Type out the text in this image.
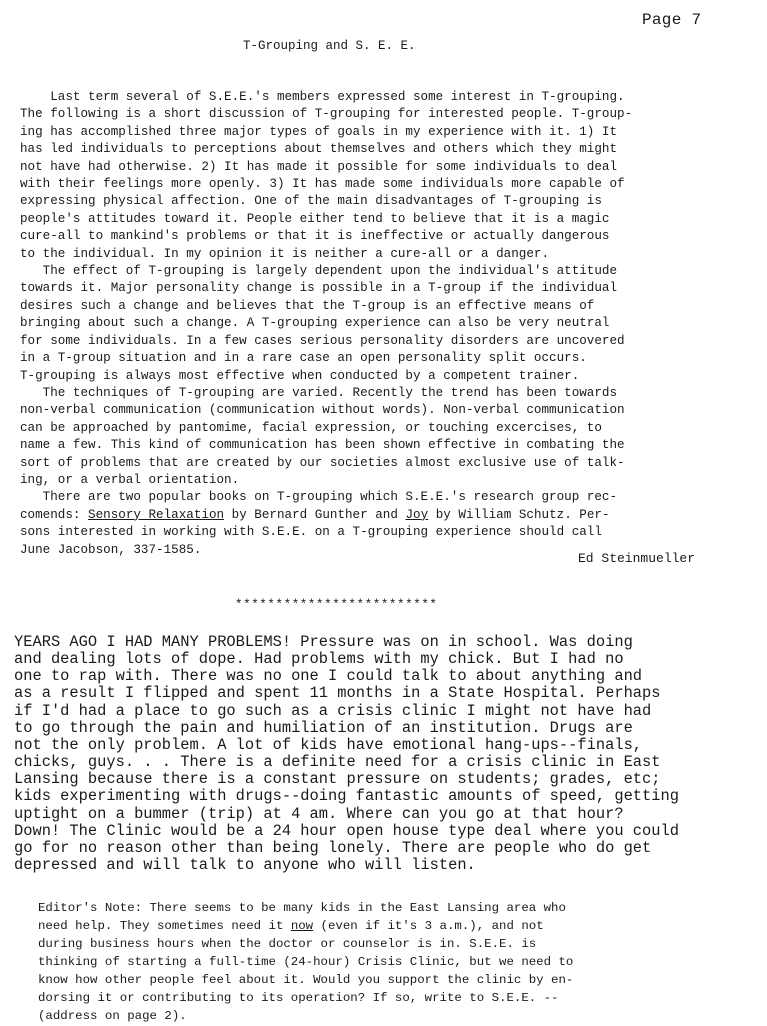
Page 7
T-Grouping and S. E. E.

Last term several of S.E.E.'s members expressed some interest in T-grouping.

The following is a short discussion of T-grouping for interested people. T-group-

ing has accomplished three major types of goals in my experience with it. 1) It

has led individuals to perceptions about themselves and others which they might

not have had otherwise. 2) It has made it possible for some individuals to deal

with their feelings more openly. 3) It has made some individuals more capable of

expressing physical affection. One of the main disadvantages of T-grouping is

people's attitudes toward it. People either tend to believe that it is a magic

cure-all to mankind's problems or that it is ineffective or actually dangerous

to the individual. In my opinion it is neither a cure-all or a danger.

The effect of T-grouping is largely dependent upon the individual's attitude

towards it. Major personality change is possible in a T-group if the individual

desires such a change and believes that the T-group is an effective means of

bringing about such a change. A T-grouping experience can also be very neutral

for some individuals. In a few cases serious personality disorders are uncovered

in a T-group situation and in a rare case an open personality split occurs.

T-grouping is always most effective when conducted by a competent trainer.

The techniques of T-grouping are varied. Recently the trend has been towards

non-verbal communication (communication without words). Non-verbal communication

can be approached by pantomime, facial expression, or touching excercises, to

name a few. This kind of communication has been shown effective in combating the

sort of problems that are created by our societies almost exclusive use of talk-

ing, or a verbal orientation.

There are two popular books on T-grouping which S.E.E.'s research group rec-

comends: Sensory Relaxation by Bernard Gunther and Joy by William Schutz. Per-

sons interested in working with S.E.E. on a T-grouping experience should call

June Jacobson, 337-1585.

Ed Steinmueller
*************************

YEARS AGO I HAD MANY PROBLEMS! Pressure was on in school. Was doing

and dealing lots of dope. Had problems with my chick. But I had no

one to rap with. There was no one I could talk to about anything and

as a result I flipped and spent 11 months in a State Hospital. Perhaps

if I'd had a place to go such as a crisis clinic I might not have had

to go through the pain and humiliation of an institution. Drugs are

not the only problem. A lot of kids have emotional hang-ups--finals,

chicks, guys. . . There is a definite need for a crisis clinic in East

Lansing because there is a constant pressure on students; grades, etc;

kids experimenting with drugs--doing fantastic amounts of speed, getting

uptight on a bummer (trip) at 4 am. Where can you go at that hour?

Down! The Clinic would be a 24 hour open house type deal where you could

go for no reason other than being lonely. There are people who do get

depressed and will talk to anyone who will listen.

Editor's Note: There seems to be many kids in the East Lansing area who

need help. They sometimes need it now (even if it's 3 a.m.), and not

during business hours when the doctor or counselor is in. S.E.E. is

thinking of starting a full-time (24-hour) Crisis Clinic, but we need to

know how other people feel about it. Would you support the clinic by en-

dorsing it or contributing to its operation? If so, write to S.E.E. --

(address on page 2).
